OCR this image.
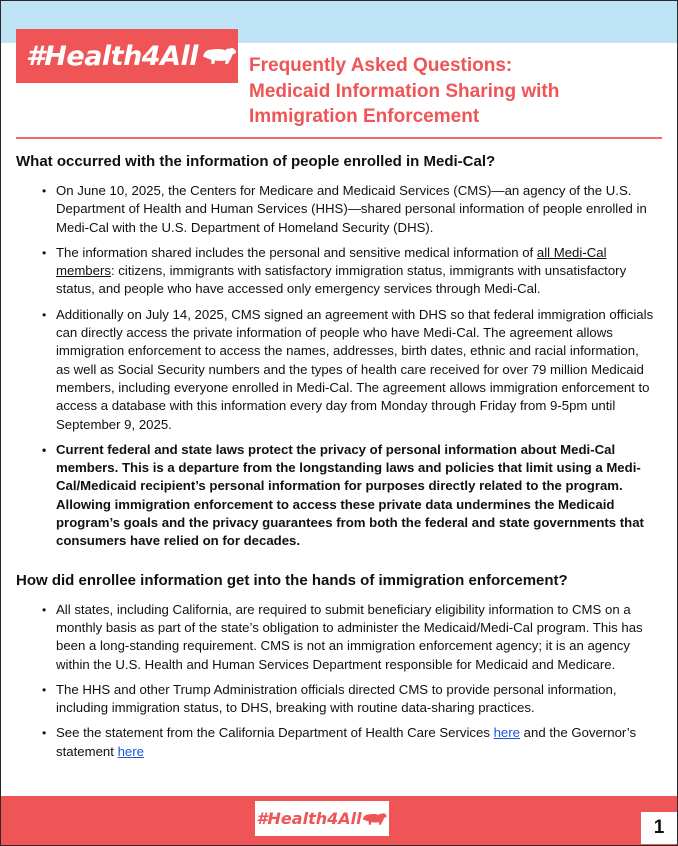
#Health4All	Frequently Asked Questions:
Medicaid Information Sharing with
Immigration Enforcement
What occurred with the information of people enrolled in Medi-Cal?
• On June 10, 2025, the Centers for Medicare and Medicaid Services (CMS)—an agency of the U.S. Department of Health and Human Services (HHS)—shared personal information of people enrolled in Medi-Cal with the U.S. Department of Homeland Security (DHS).
• The information shared includes the personal and sensitive medical information of all Medi-Cal members: citizens, immigrants with satisfactory immigration status, immigrants with unsatisfactory status, and people who have accessed only emergency services through Medi-Cal.
• Additionally on July 14, 2025, CMS signed an agreement with DHS so that federal immigration officials can directly access the private information of people who have Medi-Cal. The agreement allows immigration enforcement to access the names, addresses, birth dates, ethnic and racial information, as well as Social Security numbers and the types of health care received for over 79 million Medicaid members, including everyone enrolled in Medi-Cal. The agreement allows immigration enforcement to access a database with this information every day from Monday through Friday from 9-5pm until September 9, 2025.
• Current federal and state laws protect the privacy of personal information about Medi-Cal members. This is a departure from the longstanding laws and policies that limit using a Medi-Cal/Medicaid recipient’s personal information for purposes directly related to the program. Allowing immigration enforcement to access these private data undermines the Medicaid program’s goals and the privacy guarantees from both the federal and state governments that consumers have relied on for decades.
How did enrollee information get into the hands of immigration enforcement?
• All states, including California, are required to submit beneficiary eligibility information to CMS on a monthly basis as part of the state’s obligation to administer the Medicaid/Medi-Cal program. This has been a long-standing requirement. CMS is not an immigration enforcement agency; it is an agency within the U.S. Health and Human Services Department responsible for Medicaid and Medicare.
• The HHS and other Trump Administration officials directed CMS to provide personal information, including immigration status, to DHS, breaking with routine data-sharing practices.
• See the statement from the California Department of Health Care Services here and the Governor’s statement here
#Health4All	1
